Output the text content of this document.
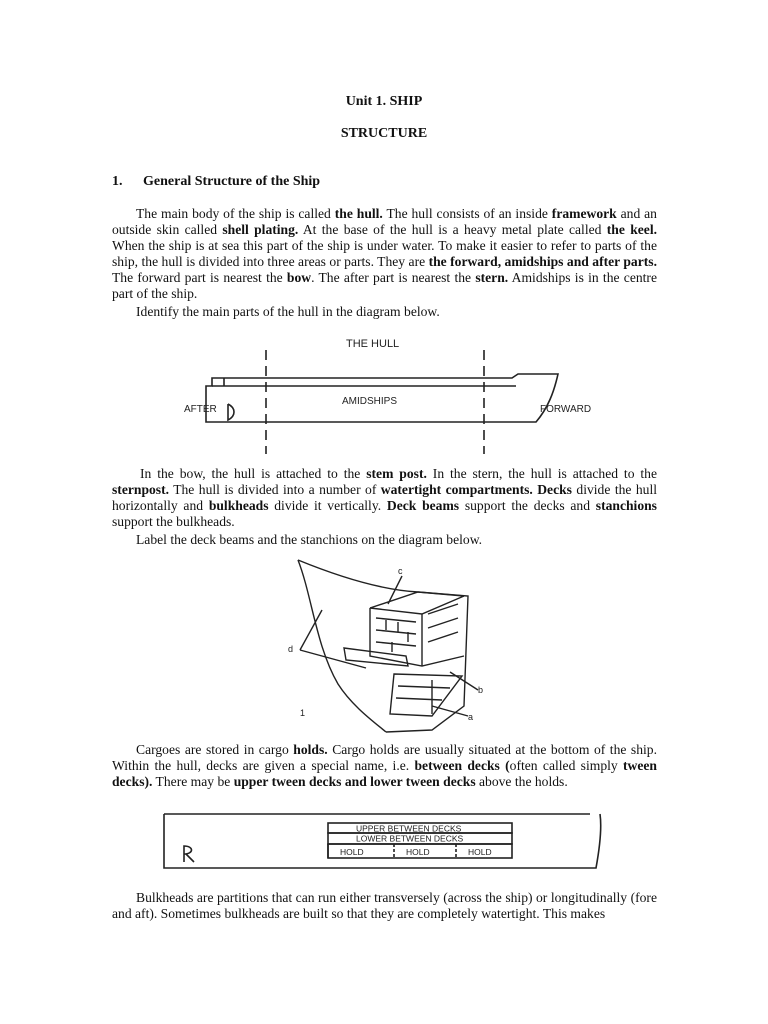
Unit 1. SHIP
STRUCTURE
1. General Structure of the Ship
The main body of the ship is called the hull. The hull consists of an inside framework and an outside skin called shell plating. At the base of the hull is a heavy metal plate called the keel. When the ship is at sea this part of the ship is under water. To make it easier to refer to parts of the ship, the hull is divided into three areas or parts. They are the forward, amidships and after parts. The forward part is nearest the bow. The after part is nearest the stern. Amidships is in the centre part of the ship.
Identify the main parts of the hull in the diagram below.
THE HULL
AMIDSHIPS
AFTER	FORWARD
In the bow, the hull is attached to the stem post. In the stern, the hull is attached to the sternpost. The hull is divided into a number of watertight compartments. Decks divide the hull horizontally and bulkheads divide it vertically. Deck beams support the decks and stanchions support the bulkheads.
Label the deck beams and the stanchions on the diagram below.
c
d
b
a
1
Cargoes are stored in cargo holds. Cargo holds are usually situated at the bottom of the ship. Within the hull, decks are given a special name, i.e. between decks (often called simply tween decks). There may be upper tween decks and lower tween decks above the holds.
UPPER BETWEEN DECKS
LOWER BETWEEN DECKS
HOLD	HOLD	HOLD
Bulkheads are partitions that can run either transversely (across the ship) or longitudinally (fore and aft). Sometimes bulkheads are built so that they are completely watertight. This makes
